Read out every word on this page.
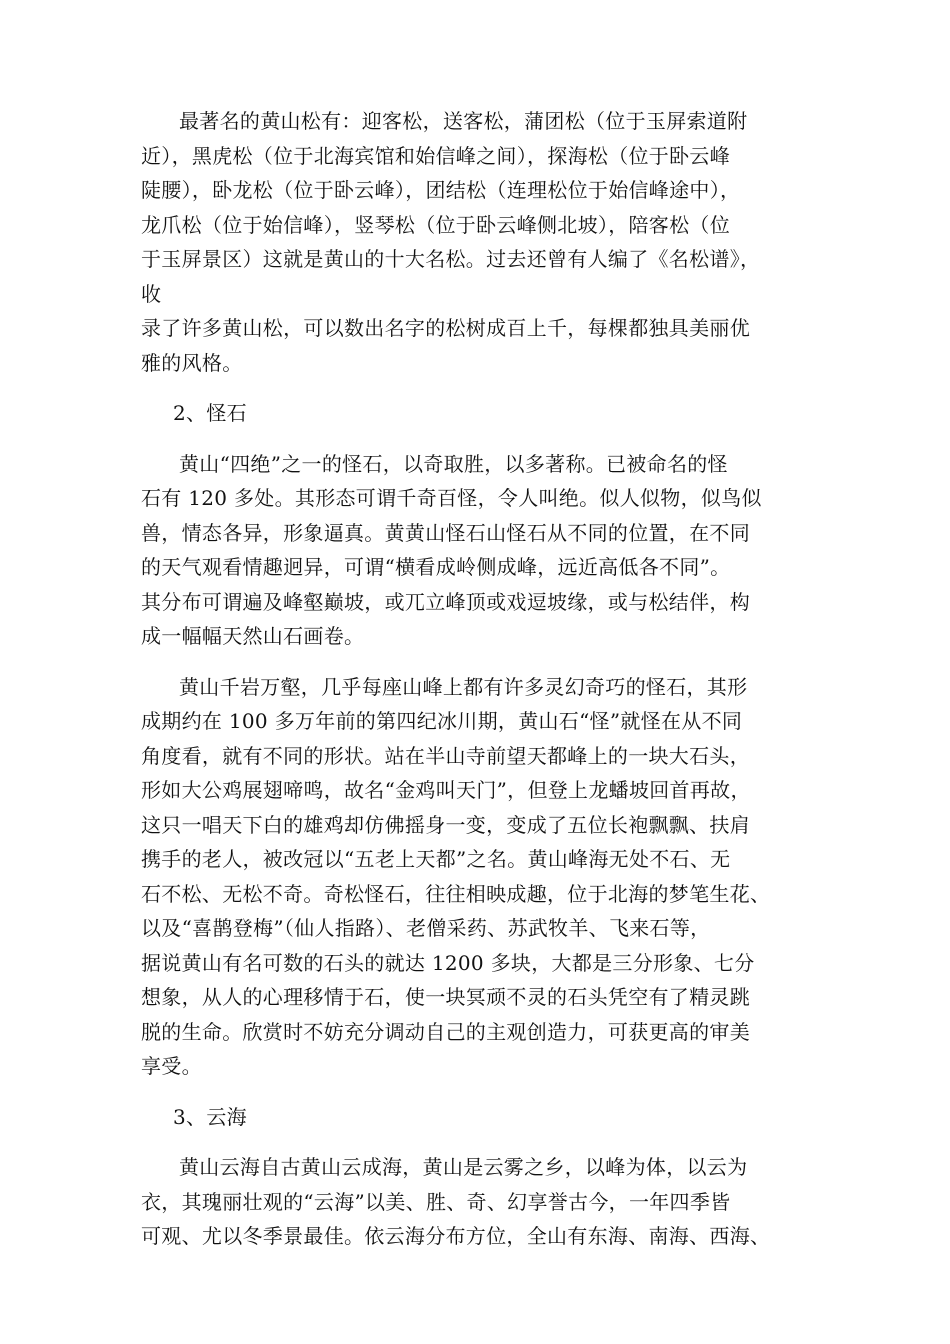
最著名的黄山松有：迎客松，送客松，蒲团松（位于玉屏索道附
近），黑虎松（位于北海宾馆和始信峰之间），探海松（位于卧云峰
陡腰），卧龙松（位于卧云峰），团结松（连理松位于始信峰途中），
龙爪松（位于始信峰），竖琴松（位于卧云峰侧北坡），陪客松（位
于玉屏景区）这就是黄山的十大名松。过去还曾有人编了《名松谱》，
收
录了许多黄山松，可以数出名字的松树成百上千，每棵都独具美丽优
雅的风格。
2、怪石
黄山“四绝”之一的怪石，以奇取胜，以多著称。已被命名的怪
石有 120 多处。其形态可谓千奇百怪，令人叫绝。似人似物，似鸟似
兽，情态各异，形象逼真。黄黄山怪石山怪石从不同的位置，在不同
的天气观看情趣迥异，可谓“横看成岭侧成峰，远近高低各不同”。
其分布可谓遍及峰壑巅坡，或兀立峰顶或戏逗坡缘，或与松结伴，构
成一幅幅天然山石画卷。
黄山千岩万壑，几乎每座山峰上都有许多灵幻奇巧的怪石，其形
成期约在 100 多万年前的第四纪冰川期，黄山石“怪”就怪在从不同
角度看，就有不同的形状。站在半山寺前望天都峰上的一块大石头，
形如大公鸡展翅啼鸣，故名“金鸡叫天门”，但登上龙蟠坡回首再故，
这只一唱天下白的雄鸡却仿佛摇身一变，变成了五位长袍飘飘、扶肩
携手的老人，被改冠以“五老上天都”之名。黄山峰海无处不石、无
石不松、无松不奇。奇松怪石，往往相映成趣，位于北海的梦笔生花、
以及“喜鹊登梅”（仙人指路）、老僧采药、苏武牧羊、飞来石等，
据说黄山有名可数的石头的就达 1200 多块，大都是三分形象、七分
想象，从人的心理移情于石，使一块冥顽不灵的石头凭空有了精灵跳
脱的生命。欣赏时不妨充分调动自己的主观创造力，可获更高的审美
享受。
3、云海
黄山云海自古黄山云成海，黄山是云雾之乡，以峰为体，以云为
衣，其瑰丽壮观的“云海”以美、胜、奇、幻享誉古今，一年四季皆
可观、尤以冬季景最佳。依云海分布方位，全山有东海、南海、西海、
